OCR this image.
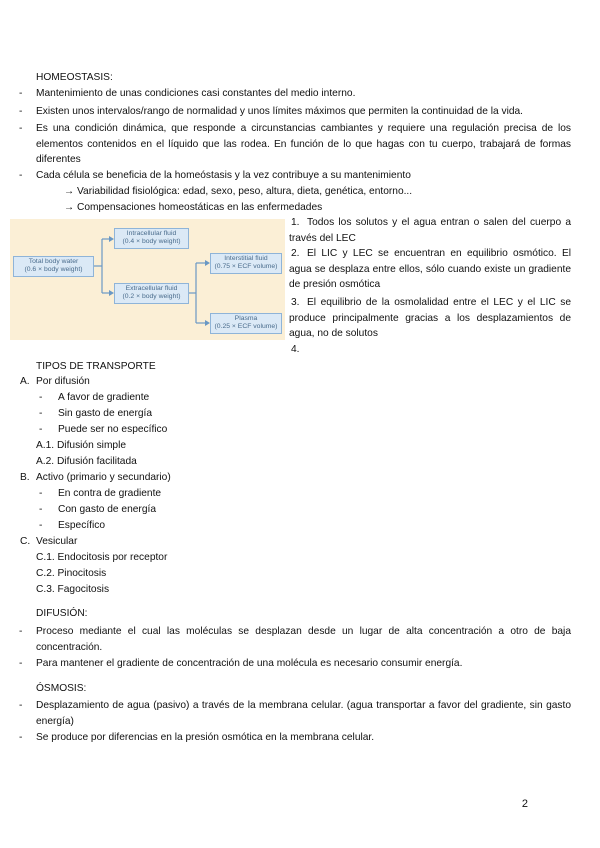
HOMEOSTASIS:
- Mantenimiento de unas condiciones casi constantes del medio interno.
- Existen unos intervalos/rango de normalidad y unos límites máximos que permiten la continuidad de la vida.
- Es una condición dinámica, que responde a circunstancias cambiantes y requiere una regulación precisa de los elementos contenidos en el líquido que las rodea. En función de lo que hagas con tu cuerpo, trabajará de formas diferentes
- Cada célula se beneficia de la homeóstasis y la vez contribuye a su mantenimiento
→ Variabilidad fisiológica: edad, sexo, peso, altura, dieta, genética, entorno...
→ Compensaciones homeostáticas en las enfermedades
Total body water
(0.6 × body weight)
Intracellular fluid
(0.4 × body weight)
Extracellular fluid
(0.2 × body weight)
Interstitial fluid
(0.75 × ECF volume)
Plasma
(0.25 × ECF volume)
1. Todos los solutos y el agua entran o salen del cuerpo a través del LEC
2. El LIC y LEC se encuentran en equilibrio osmótico. El agua se desplaza entre ellos, sólo cuando existe un gradiente de presión osmótica
3. El equilibrio de la osmolalidad entre el LEC y el LIC se produce principalmente gracias a los desplazamientos de agua, no de solutos
4.
TIPOS DE TRANSPORTE
A. Por difusión
- A favor de gradiente
- Sin gasto de energía
- Puede ser no específico
A.1. Difusión simple
A.2. Difusión facilitada
B. Activo (primario y secundario)
- En contra de gradiente
- Con gasto de energía
- Específico
C. Vesicular
C.1. Endocitosis por receptor
C.2. Pinocitosis
C.3. Fagocitosis
DIFUSIÓN:
- Proceso mediante el cual las moléculas se desplazan desde un lugar de alta concentración a otro de baja concentración.
- Para mantener el gradiente de concentración de una molécula es necesario consumir energía.
ÓSMOSIS:
- Desplazamiento de agua (pasivo) a través de la membrana celular. (agua transportar a favor del gradiente, sin gasto energía)
- Se produce por diferencias en la presión osmótica en la membrana celular.
2
